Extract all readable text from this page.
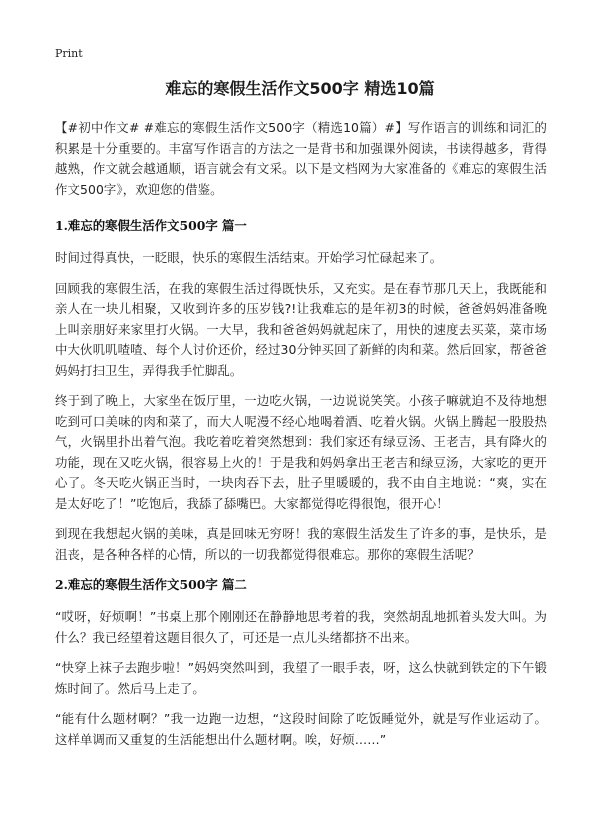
Print
难忘的寒假生活作文500字 精选10篇

【#初中作文# #难忘的寒假生活作文500字（精选10篇）#】写作语言的训练和词汇的积累是十分重要的。丰富写作语言的方法之一是背书和加强课外阅读，书读得越多，背得越熟，作文就会越通顺，语言就会有文采。以下是文档网为大家准备的《难忘的寒假生活作文500字》，欢迎您的借鉴。

1.难忘的寒假生活作文500字 篇一

时间过得真快，一眨眼，快乐的寒假生活结束。开始学习忙碌起来了。

回顾我的寒假生活，在我的寒假生活过得既快乐，又充实。是在春节那几天上，我既能和亲人在一块儿相聚，又收到许多的压岁钱?!让我难忘的是年初3的时候，爸爸妈妈准备晚上叫亲朋好来家里打火锅。一大早，我和爸爸妈妈就起床了，用快的速度去买菜，菜市场中大伙叽叽喳喳、每个人讨价还价，经过30分钟买回了新鲜的肉和菜。然后回家，帮爸爸妈妈打扫卫生，弄得我手忙脚乱。

终于到了晚上，大家坐在饭厅里，一边吃火锅，一边说说笑笑。小孩子嘛就迫不及待地想吃到可口美味的肉和菜了，而大人呢漫不经心地喝着酒、吃着火锅。火锅上腾起一股股热气，火锅里扑出着气泡。我吃着吃着突然想到：我们家还有绿豆汤、王老吉，具有降火的功能，现在又吃火锅，很容易上火的！于是我和妈妈拿出王老吉和绿豆汤，大家吃的更开心了。冬天吃火锅正当时，一块肉吞下去，肚子里暖暖的，我不由自主地说：“爽，实在是太好吃了！”吃饱后，我舔了舔嘴巴。大家都觉得吃得很饱，很开心！

到现在我想起火锅的美味，真是回味无穷呀！我的寒假生活发生了许多的事，是快乐，是沮丧，是各种各样的心情，所以的一切我都觉得很难忘。那你的寒假生活呢？

2.难忘的寒假生活作文500字 篇二

“哎呀，好烦啊！”书桌上那个刚刚还在静静地思考着的我，突然胡乱地抓着头发大叫。为什么？我已经望着这题目很久了，可还是一点儿头绪都挤不出来。

“快穿上袜子去跑步啦！”妈妈突然叫到，我望了一眼手表，呀，这么快就到铁定的下午锻炼时间了。然后马上走了。

“能有什么题材啊？”我一边跑一边想，“这段时间除了吃饭睡觉外，就是写作业运动了。这样单调而又重复的生活能想出什么题材啊。唉，好烦……”
